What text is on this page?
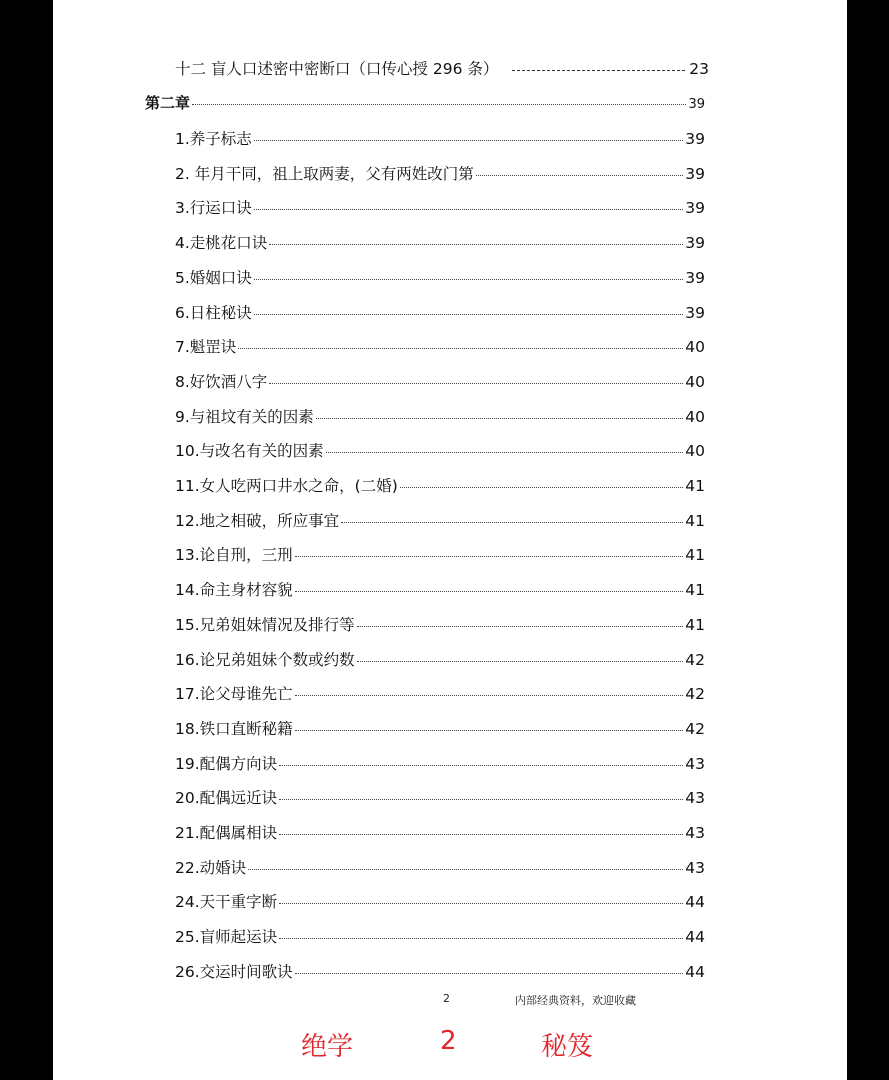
十二 盲人口述密中密断口（口传心授 296 条）	23
第二章	39
1.养子标志	39
2. 年月干同，祖上取两妻，父有两姓改门第	39
3.行运口诀	39
4.走桃花口诀	39
5.婚姻口诀	39
6.日柱秘诀	39
7.魁罡诀	40
8.好饮酒八字	40
9.与祖坟有关的因素	40
10.与改名有关的因素	40
11.女人吃两口井水之命，(二婚)	41
12.地之相破，所应事宜	41
13.论自刑，三刑	41
14.命主身材容貌	41
15.兄弟姐妹情况及排行等	41
16.论兄弟姐妹个数或约数	42
17.论父母谁先亡	42
18.铁口直断秘籍	42
19.配偶方向诀	43
20.配偶远近诀	43
21.配偶属相诀	43
22.动婚诀	43
24.天干重字断	44
25.盲师起运诀	44
26.交运时间歌诀	44
2	内部经典资料，欢迎收藏
绝学	2	秘笈
